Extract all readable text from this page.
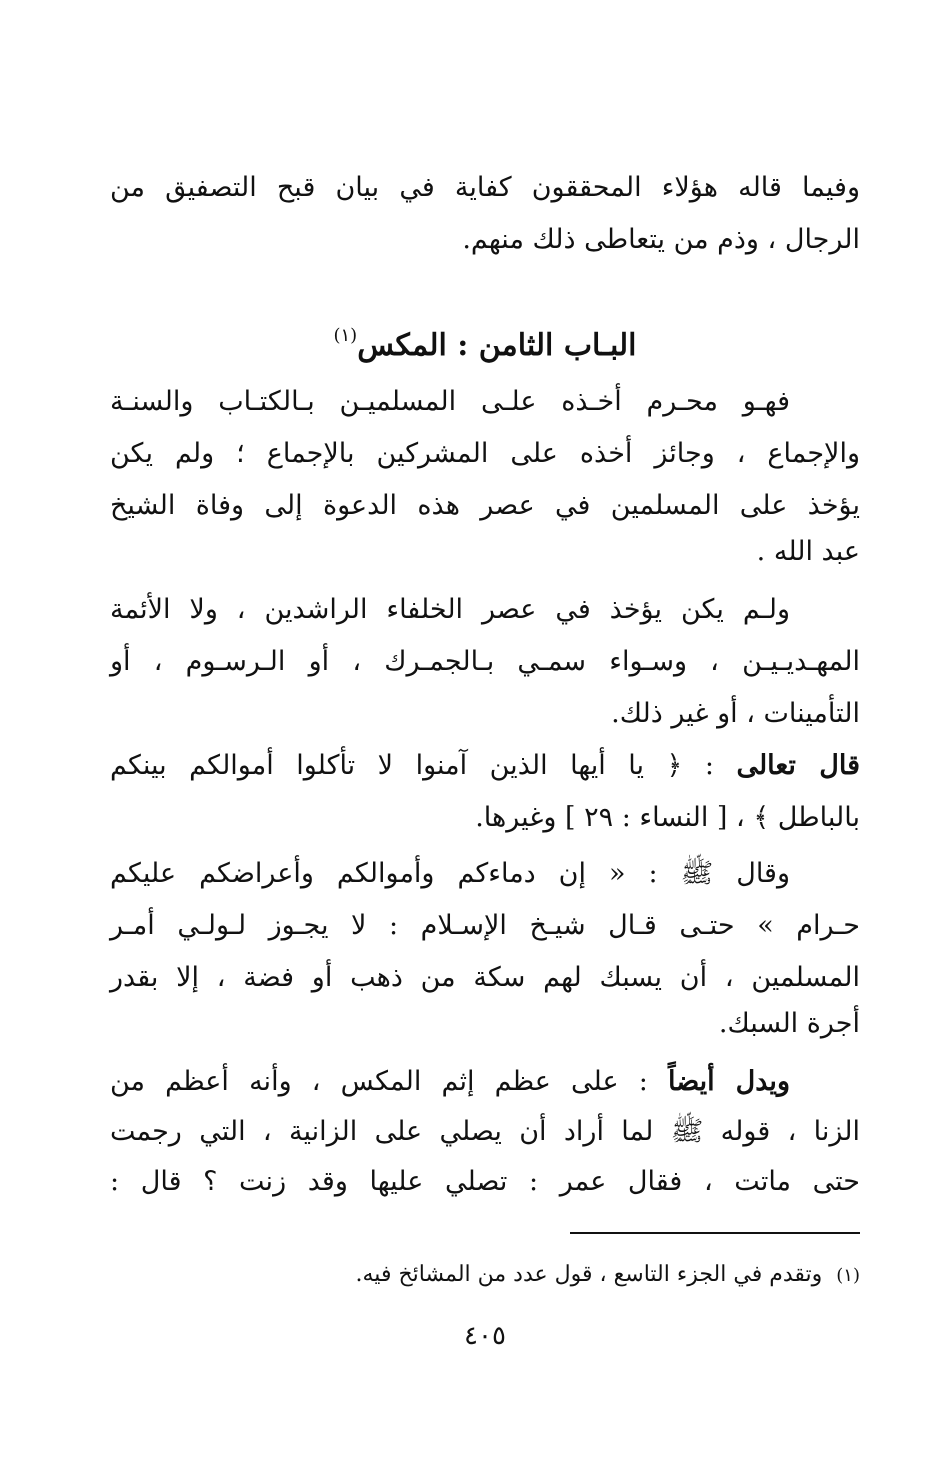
وفيما قاله هؤلاء المحققون كفاية في بيان قبح التصفيق من
الرجال ، وذم من يتعاطى ذلك منهم.
البـاب الثامن : المكس$^{(١)}$
فهـو محـرم أخـذه علـى المسلميـن بـالكتـاب والسنـة
والإجماع ، وجائز أخذه على المشركين بالإجماع ؛ ولم يكن
يؤخذ على المسلمين في عصر هذه الدعوة إلى وفاة الشيخ
عبد الله .
ولـم يكن يؤخذ في عصر الخلفاء الراشدين ، ولا الأئمة
المهـديـيـن ، وسـواء سمـي بـالجمـرك ، أو الـرسـوم ، أو
التأمينات ، أو غير ذلك.
قال تعالى : ﴿ يا أيها الذين آمنوا لا تأكلوا أموالكم بينكم
بالباطل ﴾ ، [ النساء : ٢٩ ] وغيرها.
وقال ﷺ : « إن دماءكم وأموالكم وأعراضكم عليكم
حـرام » حتـى قـال شيـخ الإسـلام : لا يجـوز لـولـي أمـر
المسلمين ، أن يسبك لهم سكة من ذهب أو فضة ، إلا بقدر
أجرة السبك.
ويدل أيضاً : على عظم إثم المكس ، وأنه أعظم من
الزنا ، قوله ﷺ لما أراد أن يصلي على الزانية ، التي رجمت
حتى ماتت ، فقال عمر : تصلي عليها وقد زنت ؟ قال :
(١)وتقدم في الجزء التاسع ، قول عدد من المشائخ فيه.
٤٠٥
